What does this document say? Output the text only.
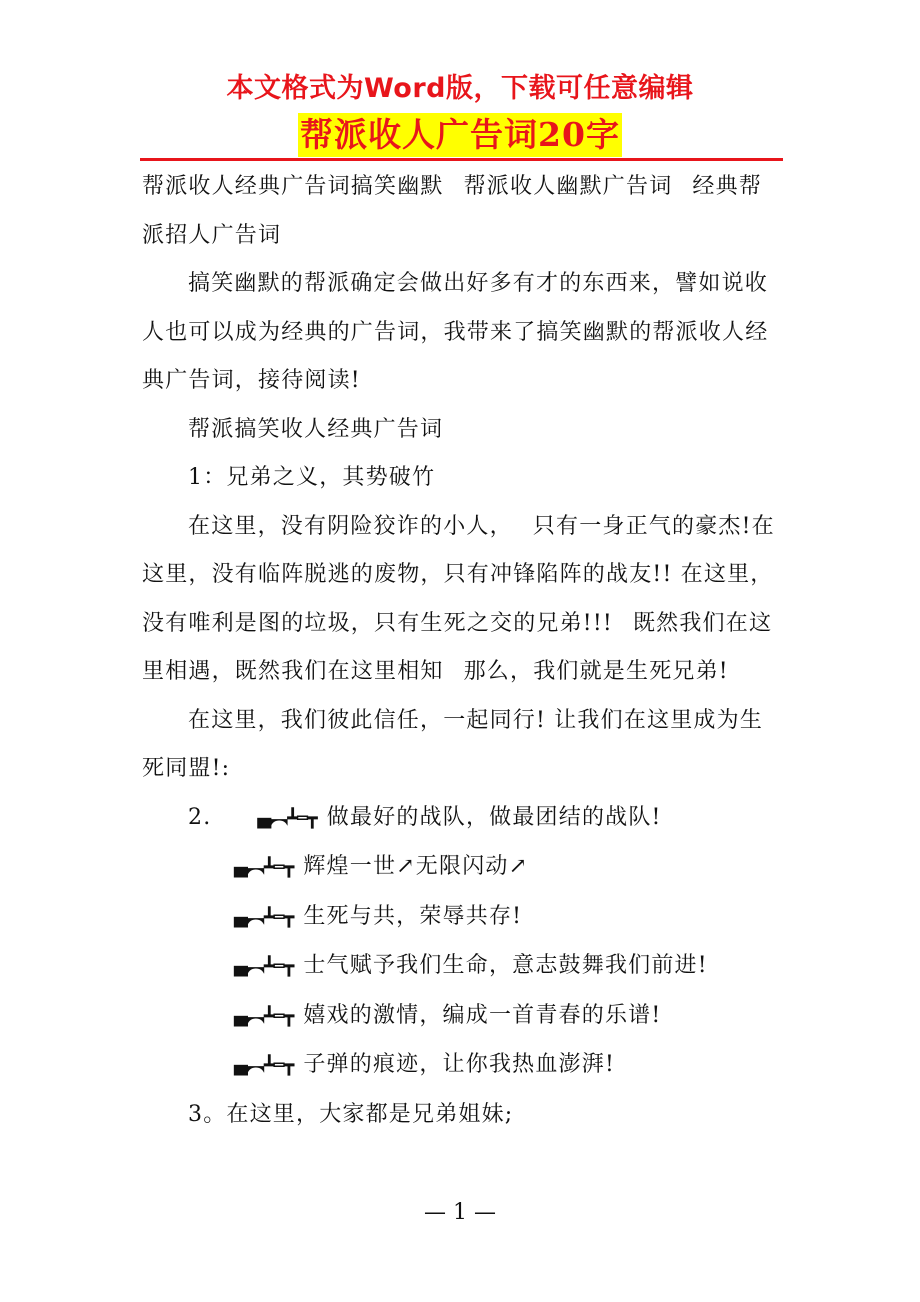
本文格式为Word版，下载可任意编辑
帮派收人广告词20字

帮派收人经典广告词搞笑幽默 帮派收人幽默广告词 经典帮派招人广告词

搞笑幽默的帮派确定会做出好多有才的东西来，譬如说收人也可以成为经典的广告词，我带来了搞笑幽默的帮派收人经典广告词，接待阅读!

帮派搞笑收人经典广告词

1：兄弟之义，其势破竹

在这里，没有阴险狡诈的小人， 只有一身正气的豪杰!在这里，没有临阵脱逃的废物，只有冲锋陷阵的战友!! 在这里，没有唯利是图的垃圾，只有生死之交的兄弟!!! 既然我们在这里相遇，既然我们在这里相知 那么，我们就是生死兄弟!

在这里，我们彼此信任，一起同行! 让我们在这里成为生死同盟!:

2.	▄︻┻═┳ 做最好的战队，做最团结的战队!

▄︻┻═┳ 辉煌一世↗无限闪动↗

▄︻┻═┳ 生死与共，荣辱共存!

▄︻┻═┳ 士气赋予我们生命，意志鼓舞我们前进!

▄︻┻═┳ 嬉戏的激情，编成一首青春的乐谱!

▄︻┻═┳ 子弹的痕迹，让你我热血澎湃!

3。在这里，大家都是兄弟姐妹;

— 1 —
